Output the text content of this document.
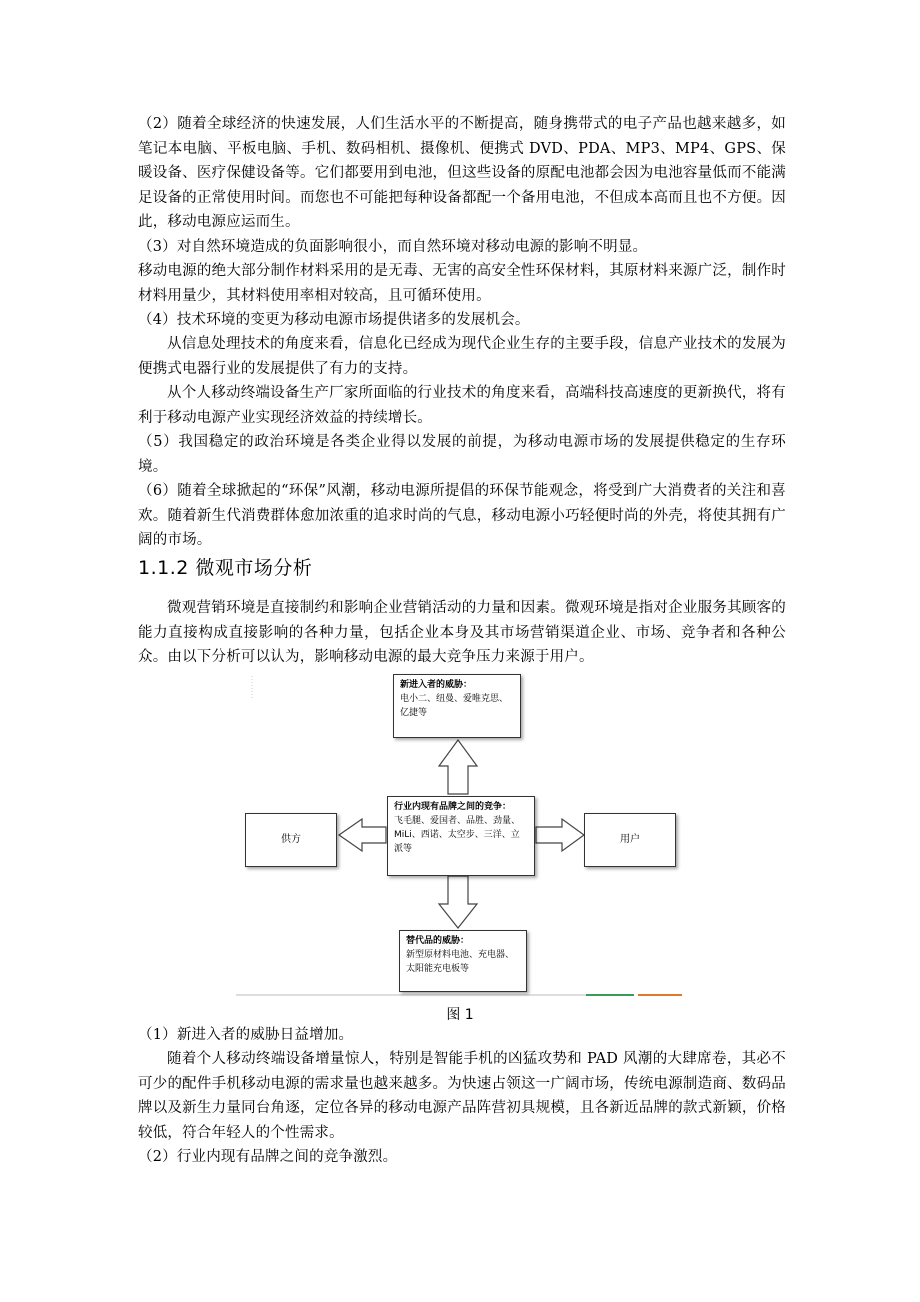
（2）随着全球经济的快速发展，人们生活水平的不断提高，随身携带式的电子产品也越来越多，如笔记本电脑、平板电脑、手机、数码相机、摄像机、便携式 DVD、PDA、MP3、MP4、GPS、保暖设备、医疗保健设备等。它们都要用到电池，但这些设备的原配电池都会因为电池容量低而不能满足设备的正常使用时间。而您也不可能把每种设备都配一个备用电池，不但成本高而且也不方便。因此，移动电源应运而生。

（3）对自然环境造成的负面影响很小，而自然环境对移动电源的影响不明显。

移动电源的绝大部分制作材料采用的是无毒、无害的高安全性环保材料，其原材料来源广泛，制作时材料用量少，其材料使用率相对较高，且可循环使用。

（4）技术环境的变更为移动电源市场提供诸多的发展机会。

从信息处理技术的角度来看，信息化已经成为现代企业生存的主要手段，信息产业技术的发展为便携式电器行业的发展提供了有力的支持。

从个人移动终端设备生产厂家所面临的行业技术的角度来看，高端科技高速度的更新换代，将有利于移动电源产业实现经济效益的持续增长。

（5）我国稳定的政治环境是各类企业得以发展的前提，为移动电源市场的发展提供稳定的生存环境。

（6）随着全球掀起的“环保”风潮，移动电源所提倡的环保节能观念，将受到广大消费者的关注和喜欢。随着新生代消费群体愈加浓重的追求时尚的气息，移动电源小巧轻便时尚的外壳，将使其拥有广阔的市场。

1.1.2 微观市场分析

微观营销环境是直接制约和影响企业营销活动的力量和因素。微观环境是指对企业服务其顾客的能力直接构成直接影响的各种力量，包括企业本身及其市场营销渠道企业、市场、竞争者和各种公众。由以下分析可以认为，影响移动电源的最大竞争压力来源于用户。

新进入者的威胁：
电小二、纽曼、爱唯克思、亿捷等
行业内现有品牌之间的竞争：
飞毛腿、爱国者、品胜、劲量、MiLi、西诺、太空步、三洋、立派等
供方	用户
替代品的威胁：
新型原材料电池、充电器、太阳能充电板等

图 1

（1）新进入者的威胁日益增加。

随着个人移动终端设备增量惊人，特别是智能手机的凶猛攻势和 PAD 风潮的大肆席卷，其必不可少的配件手机移动电源的需求量也越来越多。为快速占领这一广阔市场，传统电源制造商、数码品牌以及新生力量同台角逐，定位各异的移动电源产品阵营初具规模，且各新近品牌的款式新颖，价格较低，符合年轻人的个性需求。

（2）行业内现有品牌之间的竞争激烈。
